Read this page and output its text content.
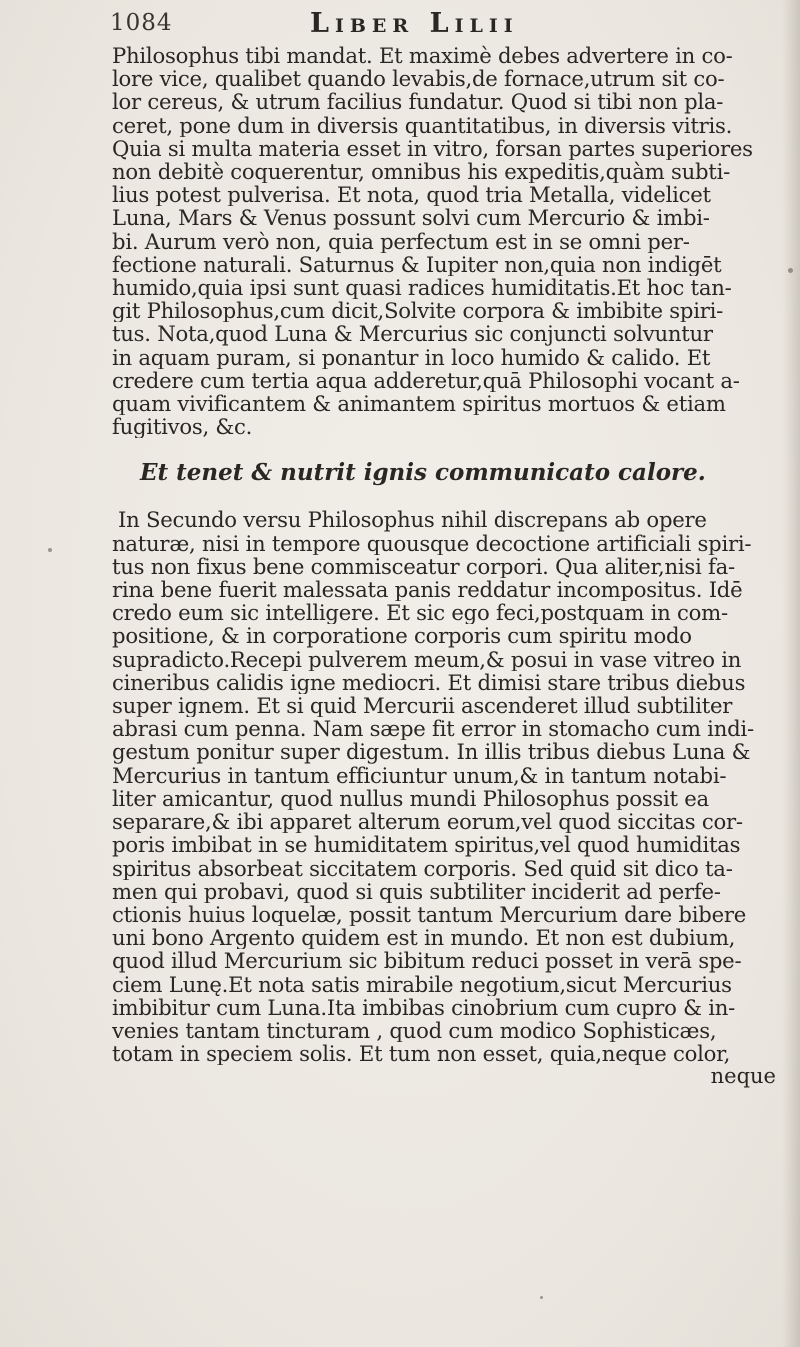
1084	Liber Lilii
Philosophus tibi mandat. Et maximè debes advertere in co-
lore vice, qualibet quando levabis,de fornace,utrum sit co-
lor cereus, & utrum facilius fundatur. Quod si tibi non pla-
ceret, pone dum in diversis quantitatibus, in diversis vitris.
Quia si multa materia esset in vitro, forsan partes superiores
non debitè coquerentur, omnibus his expeditis,quàm subti-
lius potest pulverisa. Et nota, quod tria Metalla, videlicet
Luna, Mars & Venus possunt solvi cum Mercurio & imbi-
bi. Aurum verò non, quia perfectum est in se omni per-
fectione naturali. Saturnus & Iupiter non,quia non indigēt
humido,quia ipsi sunt quasi radices humiditatis.Et hoc tan-
git Philosophus,cum dicit,Solvite corpora & imbibite spiri-
tus. Nota,quod Luna & Mercurius sic conjuncti solvuntur
in aquam puram, si ponantur in loco humido & calido. Et
credere cum tertia aqua adderetur,quā Philosophi vocant a-
quam vivificantem & animantem spiritus mortuos & etiam
fugitivos, &c.
Et tenet & nutrit ignis communicato calore.
In Secundo versu Philosophus nihil discrepans ab opere
naturæ, nisi in tempore quousque decoctione artificiali spiri-
tus non fixus bene commisceatur corpori. Qua aliter,nisi fa-
rina bene fuerit malessata panis reddatur incompositus. Idē
credo eum sic intelligere. Et sic ego feci,postquam in com-
positione, & in corporatione corporis cum spiritu modo
supradicto.Recepi pulverem meum,& posui in vase vitreo in
cineribus calidis igne mediocri. Et dimisi stare tribus diebus
super ignem. Et si quid Mercurii ascenderet illud subtiliter
abrasi cum penna. Nam sæpe fit error in stomacho cum indi-
gestum ponitur super digestum. In illis tribus diebus Luna &
Mercurius in tantum efficiuntur unum,& in tantum notabi-
liter amicantur, quod nullus mundi Philosophus possit ea
separare,& ibi apparet alterum eorum,vel quod siccitas cor-
poris imbibat in se humiditatem spiritus,vel quod humiditas
spiritus absorbeat siccitatem corporis. Sed quid sit dico ta-
men qui probavi, quod si quis subtiliter inciderit ad perfe-
ctionis huius loquelæ, possit tantum Mercurium dare bibere
uni bono Argento quidem est in mundo. Et non est dubium,
quod illud Mercurium sic bibitum reduci posset in verā spe-
ciem Lunę.Et nota satis mirabile negotium,sicut Mercurius
imbibitur cum Luna.Ita imbibas cinobrium cum cupro & in-
venies tantam tincturam , quod cum modico Sophisticæs,
totam in speciem solis. Et tum non esset, quia,neque color,
neque
